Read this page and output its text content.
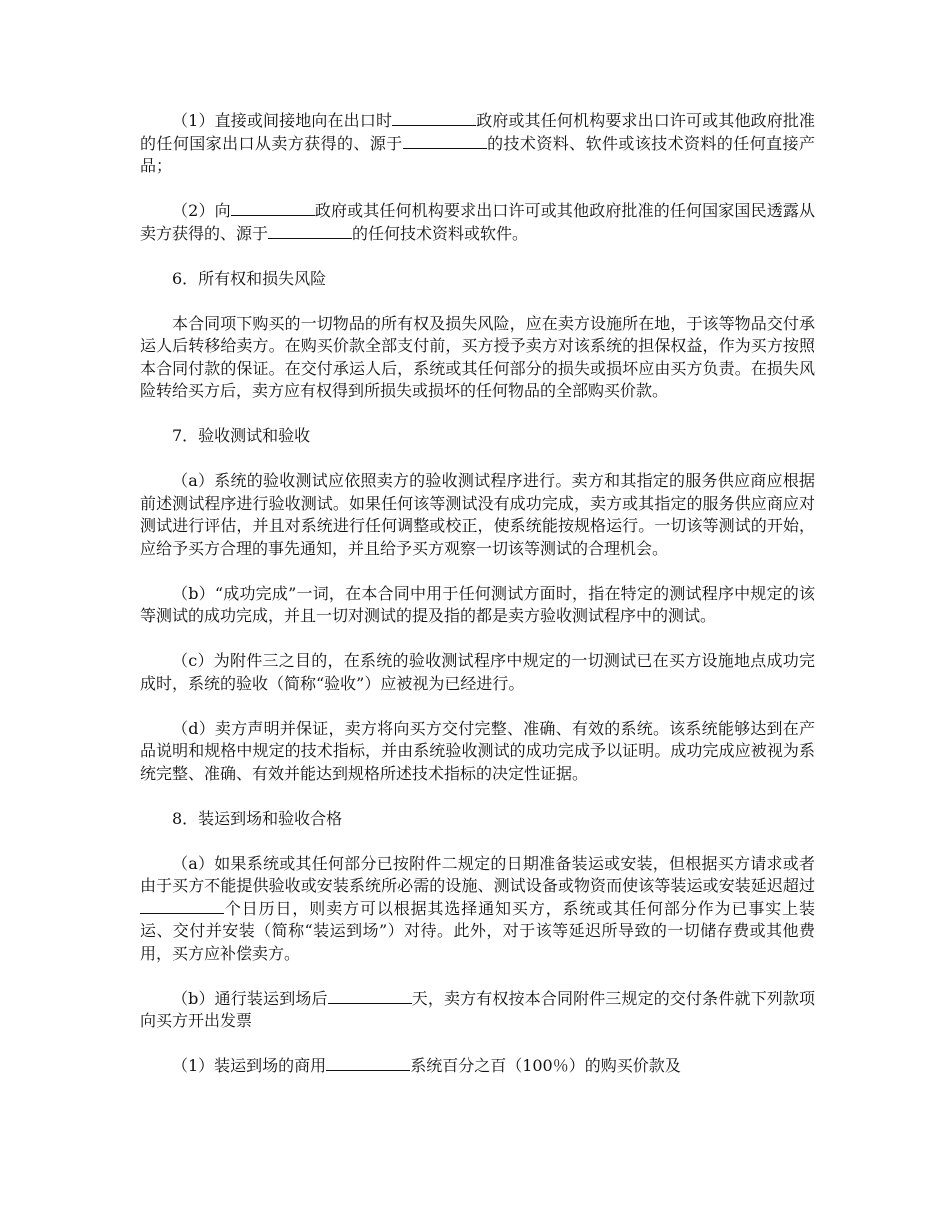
（1）直接或间接地向在出口时	政府或其任何机构要求出口许可或其他政府批准的任何国家出口从卖方获得的、源于	的技术资料、软件或该技术资料的任何直接产品；

（2）向	政府或其任何机构要求出口许可或其他政府批准的任何国家国民透露从卖方获得的、源于	的任何技术资料或软件。

6．所有权和损失风险

本合同项下购买的一切物品的所有权及损失风险，应在卖方设施所在地，于该等物品交付承运人后转移给卖方。在购买价款全部支付前，买方授予卖方对该系统的担保权益，作为买方按照本合同付款的保证。在交付承运人后，系统或其任何部分的损失或损坏应由买方负责。在损失风险转给买方后，卖方应有权得到所损失或损坏的任何物品的全部购买价款。

7．验收测试和验收

（a）系统的验收测试应依照卖方的验收测试程序进行。卖方和其指定的服务供应商应根据前述测试程序进行验收测试。如果任何该等测试没有成功完成，卖方或其指定的服务供应商应对测试进行评估，并且对系统进行任何调整或校正，使系统能按规格运行。一切该等测试的开始，应给予买方合理的事先通知，并且给予买方观察一切该等测试的合理机会。

（b）“成功完成”一词，在本合同中用于任何测试方面时，指在特定的测试程序中规定的该等测试的成功完成，并且一切对测试的提及指的都是卖方验收测试程序中的测试。

（c）为附件三之目的，在系统的验收测试程序中规定的一切测试已在买方设施地点成功完成时，系统的验收（简称“验收”）应被视为已经进行。

（d）卖方声明并保证，卖方将向买方交付完整、准确、有效的系统。该系统能够达到在产品说明和规格中规定的技术指标，并由系统验收测试的成功完成予以证明。成功完成应被视为系统完整、准确、有效并能达到规格所述技术指标的决定性证据。

8．装运到场和验收合格

（a）如果系统或其任何部分已按附件二规定的日期准备装运或安装，但根据买方请求或者由于买方不能提供验收或安装系统所必需的设施、测试设备或物资而使该等装运或安装延迟超过个日历日，则卖方可以根据其选择通知买方，系统或其任何部分作为已事实上装运、交付并安装（简称“装运到场”）对待。此外，对于该等延迟所导致的一切储存费或其他费用，买方应补偿卖方。

（b）通行装运到场后	天，卖方有权按本合同附件三规定的交付条件就下列款项向买方开出发票

（1）装运到场的商用	系统百分之百（100％）的购买价款及
